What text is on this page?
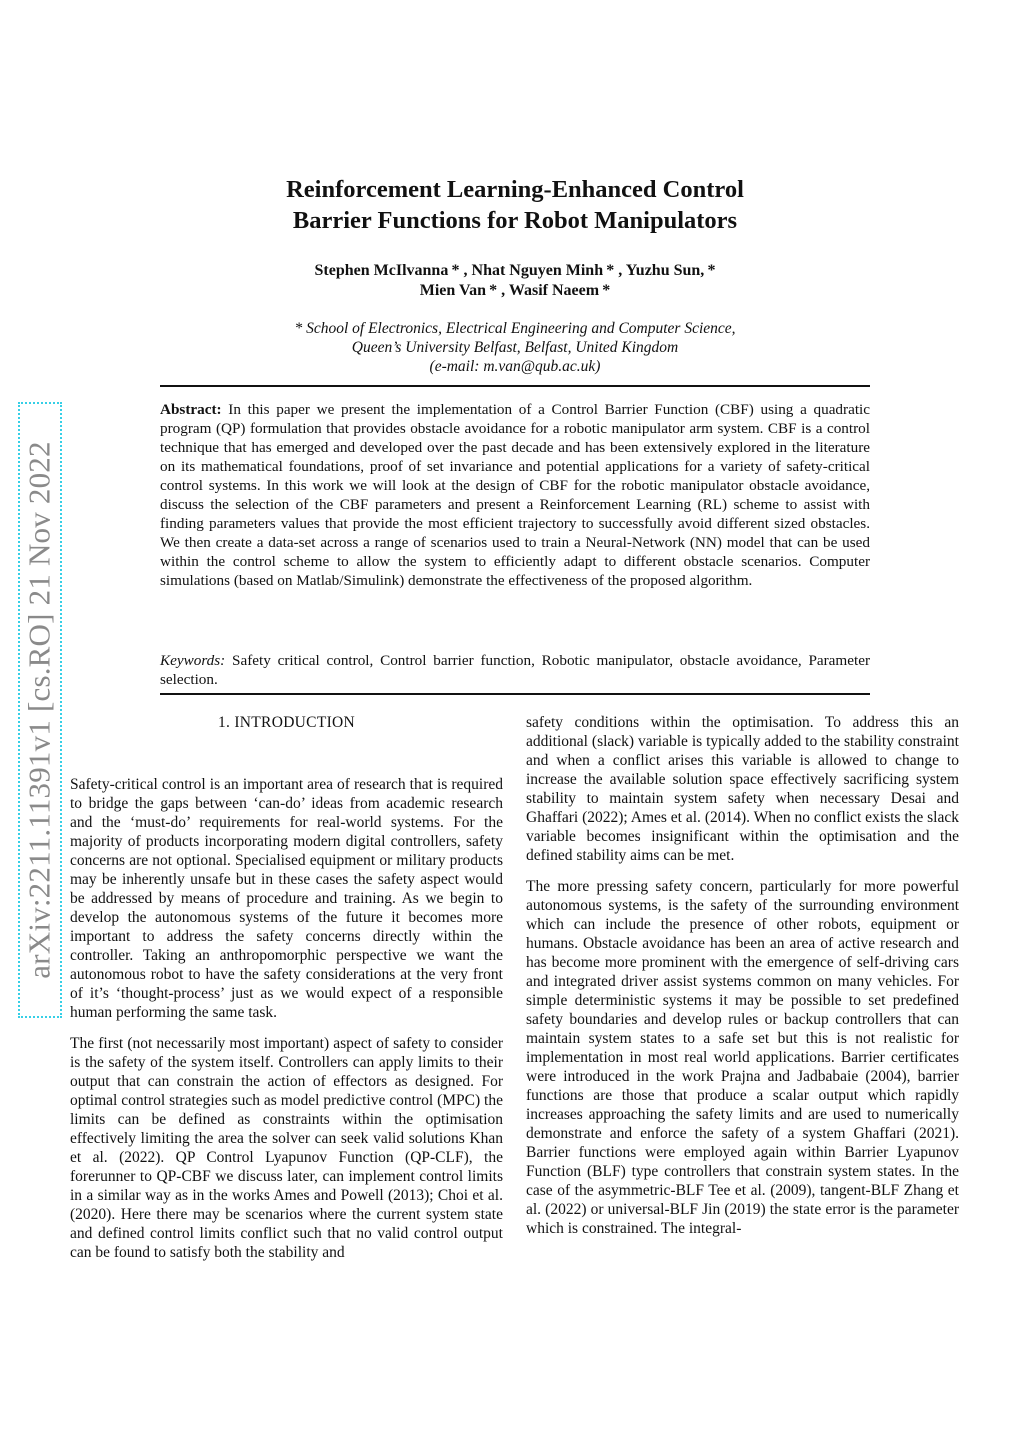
arXiv:2211.11391v1 [cs.RO] 21 Nov 2022
Reinforcement Learning-Enhanced Control
Barrier Functions for Robot Manipulators
Stephen McIlvanna * , Nhat Nguyen Minh * , Yuzhu Sun, *
Mien Van * , Wasif Naeem *
* School of Electronics, Electrical Engineering and Computer Science,
Queen’s University Belfast, Belfast, United Kingdom
(e-mail: m.van@qub.ac.uk)
Abstract: In this paper we present the implementation of a Control Barrier Function (CBF) using a quadratic program (QP) formulation that provides obstacle avoidance for a robotic manipulator arm system. CBF is a control technique that has emerged and developed over the past decade and has been extensively explored in the literature on its mathematical foundations, proof of set invariance and potential applications for a variety of safety-critical control systems. In this work we will look at the design of CBF for the robotic manipulator obstacle avoidance, discuss the selection of the CBF parameters and present a Reinforcement Learning (RL) scheme to assist with finding parameters values that provide the most efficient trajectory to successfully avoid different sized obstacles. We then create a data-set across a range of scenarios used to train a Neural-Network (NN) model that can be used within the control scheme to allow the system to efficiently adapt to different obstacle scenarios. Computer simulations (based on Matlab/Simulink) demonstrate the effectiveness of the proposed algorithm.
Keywords: Safety critical control, Control barrier function, Robotic manipulator, obstacle avoidance, Parameter selection.
1. INTRODUCTION

Safety-critical control is an important area of research that is required to bridge the gaps between ‘can-do’ ideas from academic research and the ‘must-do’ requirements for real-world systems. For the majority of products incorporating modern digital controllers, safety concerns are not optional. Specialised equipment or military products may be inherently unsafe but in these cases the safety aspect would be addressed by means of procedure and training. As we begin to develop the autonomous systems of the future it becomes more important to address the safety concerns directly within the controller. Taking an anthropomorphic perspective we want the autonomous robot to have the safety considerations at the very front of it’s ‘thought-process’ just as we would expect of a responsible human performing the same task.

The first (not necessarily most important) aspect of safety to consider is the safety of the system itself. Controllers can apply limits to their output that can constrain the action of effectors as designed. For optimal control strategies such as model predictive control (MPC) the limits can be defined as constraints within the optimisation effectively limiting the area the solver can seek valid solutions Khan et al. (2022). QP Control Lyapunov Function (QP-CLF), the forerunner to QP-CBF we discuss later, can implement control limits in a similar way as in the works Ames and Powell (2013); Choi et al. (2020). Here there may be scenarios where the current system state and defined control limits conflict such that no valid control output can be found to satisfy both the stability and

safety conditions within the optimisation. To address this an additional (slack) variable is typically added to the stability constraint and when a conflict arises this variable is allowed to change to increase the available solution space effectively sacrificing system stability to maintain system safety when necessary Desai and Ghaffari (2022); Ames et al. (2014). When no conflict exists the slack variable becomes insignificant within the optimisation and the defined stability aims can be met.

The more pressing safety concern, particularly for more powerful autonomous systems, is the safety of the surrounding environment which can include the presence of other robots, equipment or humans. Obstacle avoidance has been an area of active research and has become more prominent with the emergence of self-driving cars and integrated driver assist systems common on many vehicles. For simple deterministic systems it may be possible to set predefined safety boundaries and develop rules or backup controllers that can maintain system states to a safe set but this is not realistic for implementation in most real world applications. Barrier certificates were introduced in the work Prajna and Jadbabaie (2004), barrier functions are those that produce a scalar output which rapidly increases approaching the safety limits and are used to numerically demonstrate and enforce the safety of a system Ghaffari (2021). Barrier functions were employed again within Barrier Lyapunov Function (BLF) type controllers that constrain system states. In the case of the asymmetric-BLF Tee et al. (2009), tangent-BLF Zhang et al. (2022) or universal-BLF Jin (2019) the state error is the parameter which is constrained. The integral-
